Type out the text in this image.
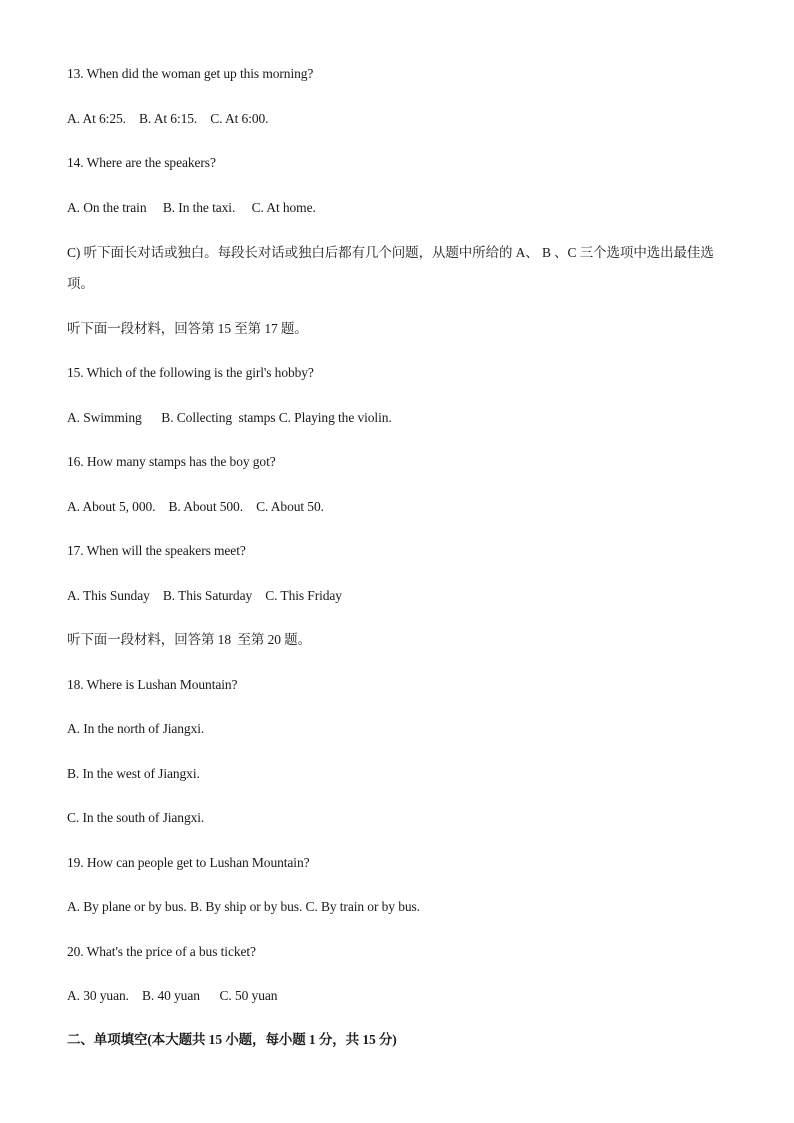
13. When did the woman get up this morning?
A. At 6:25.    B. At 6:15.    C. At 6:00.
14. Where are the speakers?
A. On the train     B. In the taxi.     C. At home.
C) 听下面长对话或独白。每段长对话或独白后都有几个问题，从题中所给的 A、 B 、C 三个选项中选出最佳选项。
听下面一段材料，回答第 15 至第 17 题。
15. Which of the following is the girl's hobby?
A. Swimming      B. Collecting  stamps C. Playing the violin.
16. How many stamps has the boy got?
A. About 5, 000.    B. About 500.    C. About 50.
17. When will the speakers meet?
A. This Sunday    B. This Saturday    C. This Friday
听下面一段材料，回答第 18  至第 20 题。
18. Where is Lushan Mountain?
A. In the north of Jiangxi.
B. In the west of Jiangxi.
C. In the south of Jiangxi.
19. How can people get to Lushan Mountain?
A. By plane or by bus. B. By ship or by bus. C. By train or by bus.
20. What's the price of a bus ticket?
A. 30 yuan.    B. 40 yuan      C. 50 yuan
二、单项填空(本大题共 15 小题，每小题 1 分，共 15 分)
